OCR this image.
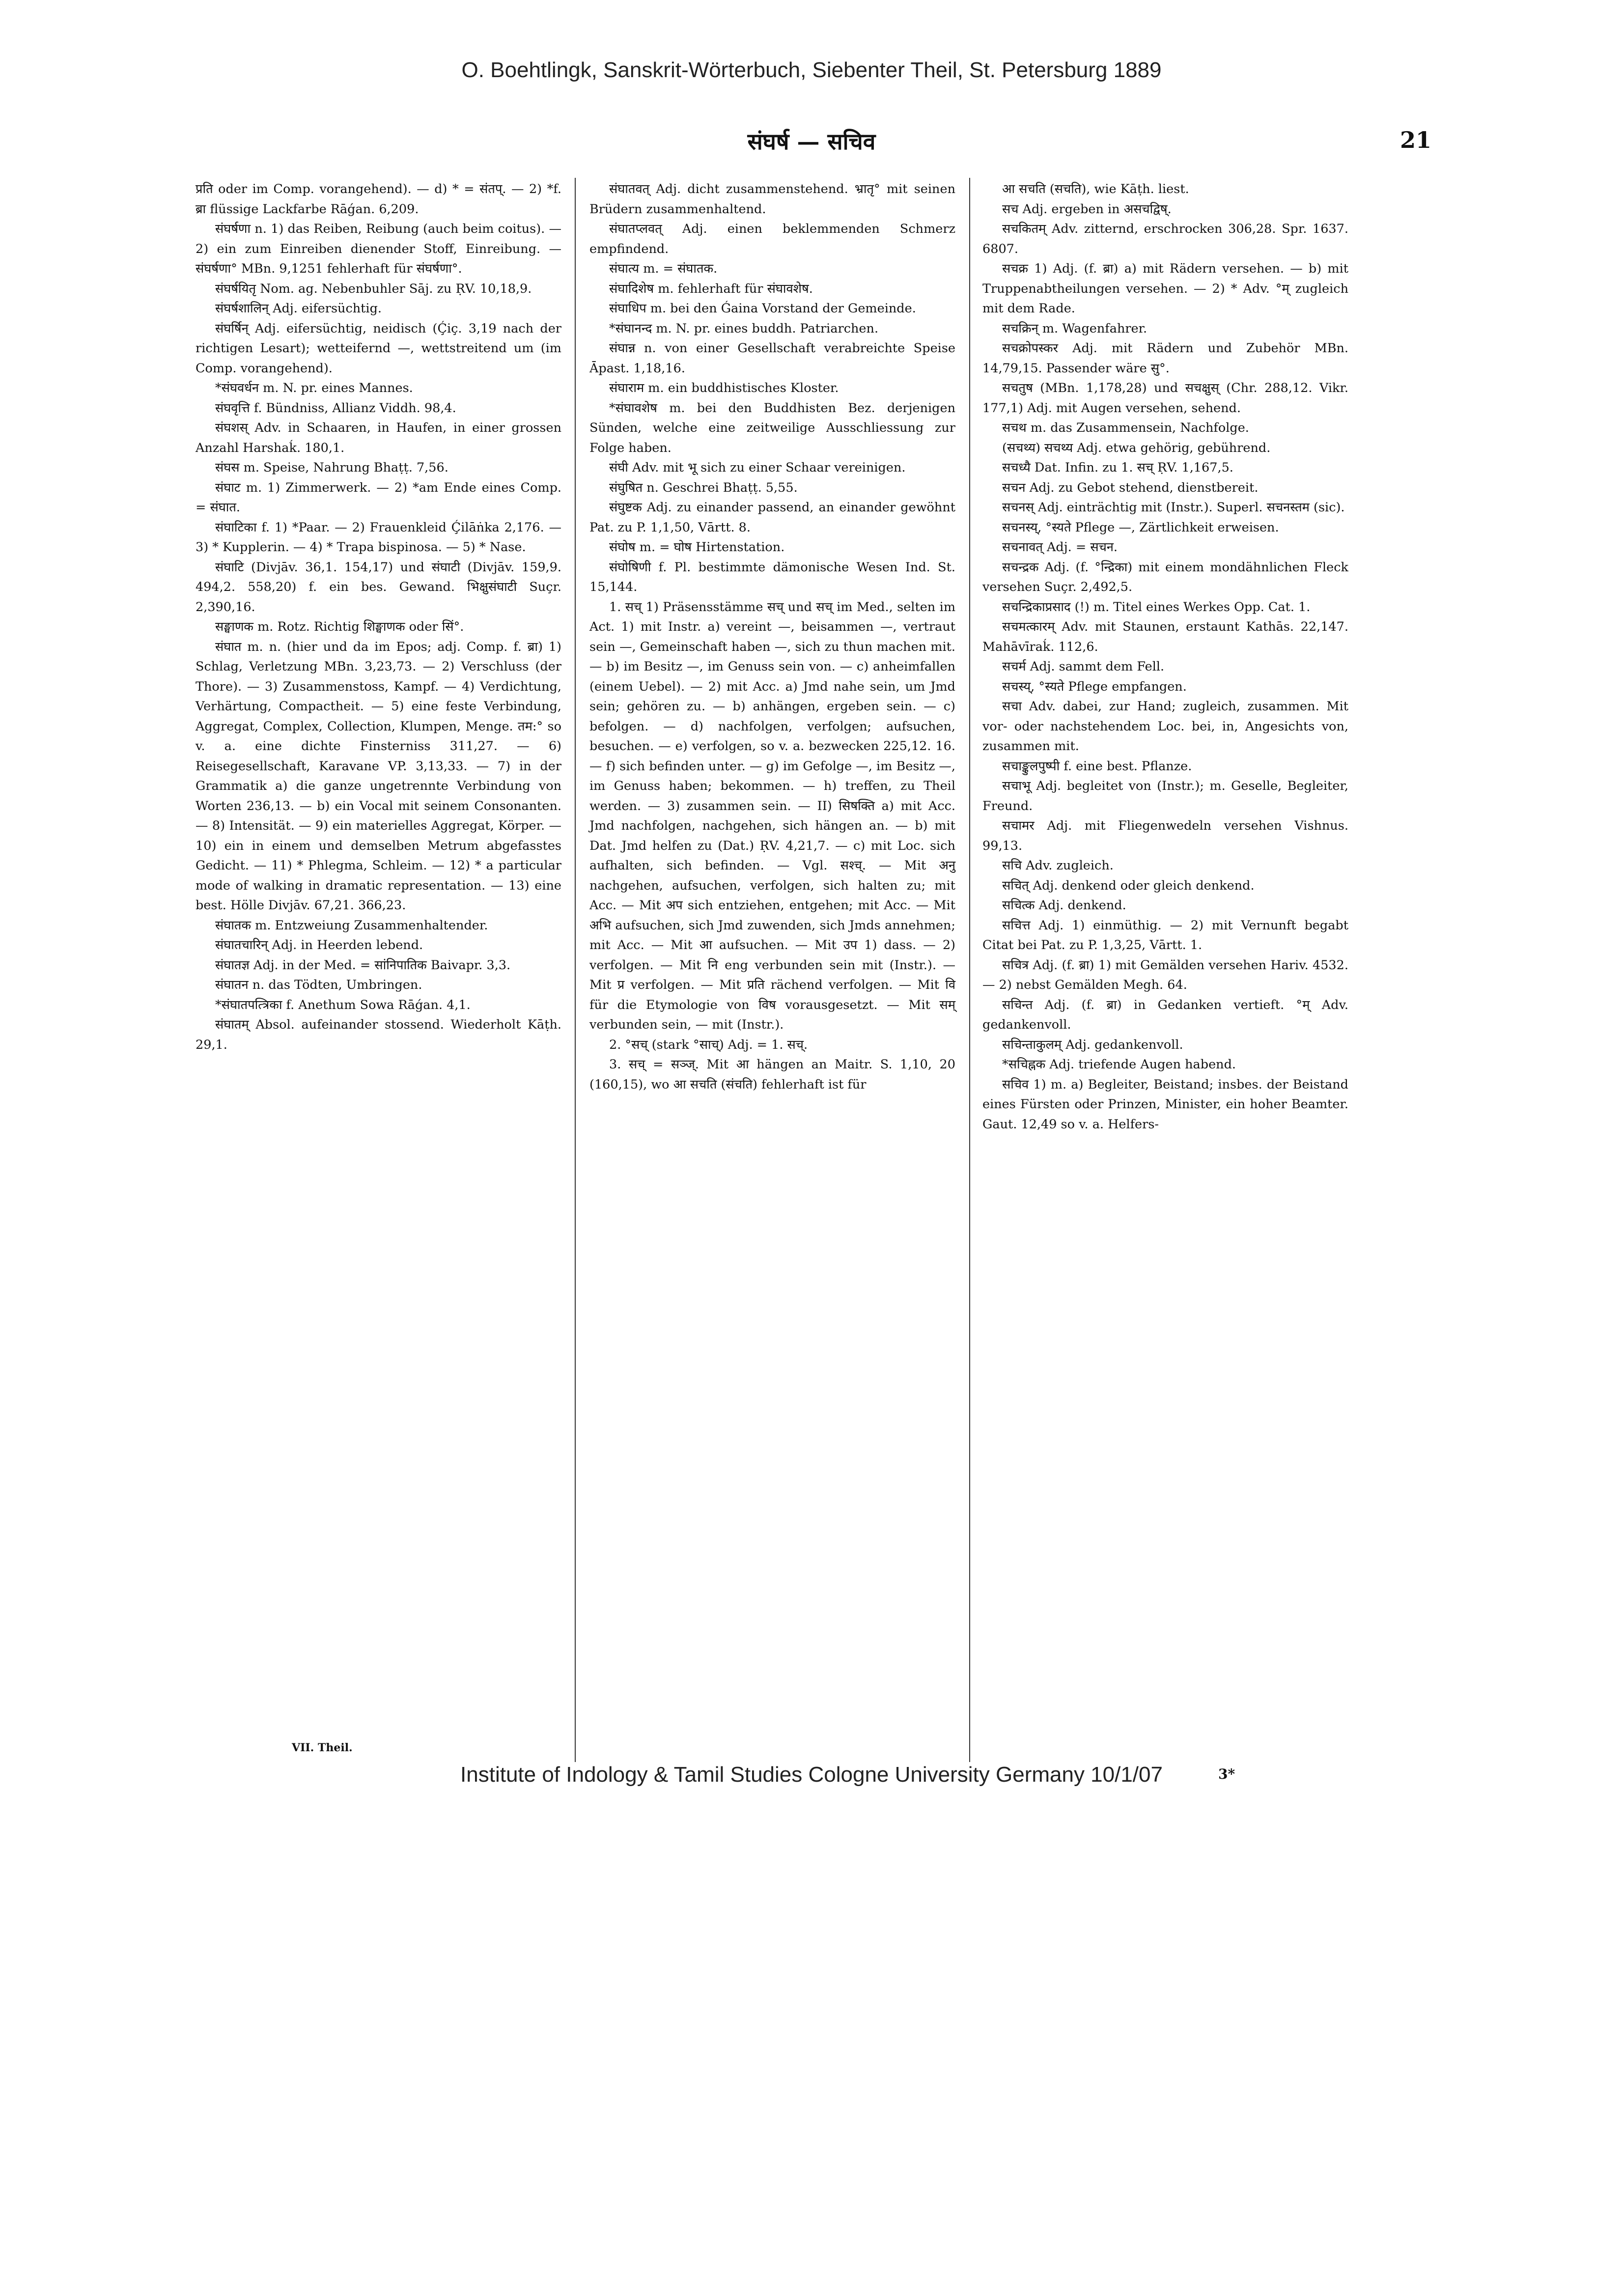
O. Boehtlingk, Sanskrit-Wörterbuch, Siebenter Theil, St. Petersburg 1889
संघर्ष — सचिव	21

प्रति oder im Comp. vorangehend). — d) * = संतप्. — 2) *f. ब्रा flüssige Lackfarbe Rāǵan. 6,209.

संघर्षणा n. 1) das Reiben, Reibung (auch beim coitus). — 2) ein zum Einreiben dienender Stoff, Einreibung. — संघर्षणा° MBn. 9,1251 fehlerhaft für संघर्षणा°.

संघर्षयितृ Nom. ag. Nebenbuhler Sāj. zu ṚV. 10,18,9.

संघर्षशालिन् Adj. eifersüchtig.

संघर्षिन् Adj. eifersüchtig, neidisch (Ḉiç. 3,19 nach der richtigen Lesart); wetteifernd —, wettstreitend um (im Comp. vorangehend).

*संघवर्धन m. N. pr. eines Mannes.

संघवृत्ति f. Bündniss, Allianz Viddh. 98,4.

संघशस् Adv. in Schaaren, in Haufen, in einer grossen Anzahl Harshaḱ. 180,1.

संघस m. Speise, Nahrung Bhaṭṭ. 7,56.

संघाट m. 1) Zimmerwerk. — 2) *am Ende eines Comp. = संघात.

संघाटिका f. 1) *Paar. — 2) Frauenkleid Ḉilāṅka 2,176. — 3) * Kupplerin. — 4) * Trapa bispinosa. — 5) * Nase.

संघाटि (Divjāv. 36,1. 154,17) und संघाटी (Divjāv. 159,9. 494,2. 558,20) f. ein bes. Gewand. भिक्षुसंघाटी Suçr. 2,390,16.

सङ्घाणक m. Rotz. Richtig शिङ्घाणक oder सिं°.

संघात m. n. (hier und da im Epos; adj. Comp. f. ब्रा) 1) Schlag, Verletzung MBn. 3,23,73. — 2) Verschluss (der Thore). — 3) Zusammenstoss, Kampf. — 4) Verdichtung, Verhärtung, Compactheit. — 5) eine feste Verbindung, Aggregat, Complex, Collection, Klumpen, Menge. तम:° so v. a. eine dichte Finsterniss 311,27. — 6) Reisegesellschaft, Karavane VP. 3,13,33. — 7) in der Grammatik a) die ganze ungetrennte Verbindung von Worten 236,13. — b) ein Vocal mit seinem Consonanten. — 8) Intensität. — 9) ein materielles Aggregat, Körper. — 10) ein in einem und demselben Metrum abgefasstes Gedicht. — 11) * Phlegma, Schleim. — 12) * a particular mode of walking in dramatic representation. — 13) eine best. Hölle Divjāv. 67,21. 366,23.

संघातक m. Entzweiung Zusammenhaltender.

संघातचारिन् Adj. in Heerden lebend.

संघातज्ञ Adj. in der Med. = सांनिपातिक Baivapr. 3,3.

संघातन n. das Tödten, Umbringen.

*संघातपत्त्रिका f. Anethum Sowa Rāǵan. 4,1.

संघातम् Absol. aufeinander stossend. Wiederholt Kāṭh. 29,1.

संघातवत् Adj. dicht zusammenstehend. भ्रातृ° mit seinen Brüdern zusammenhaltend.

संघातप्लवत् Adj. einen beklemmenden Schmerz empfindend.

संघात्य m. = संघातक.

संघादिशेष m. fehlerhaft für संघावशेष.

संघाधिप m. bei den Ǵaina Vorstand der Gemeinde.

*संघानन्द m. N. pr. eines buddh. Patriarchen.

संघान्न n. von einer Gesellschaft verabreichte Speise Āpast. 1,18,16.

संघाराम m. ein buddhistisches Kloster.

*संघावशेष m. bei den Buddhisten Bez. derjenigen Sünden, welche eine zeitweilige Ausschliessung zur Folge haben.

संघी Adv. mit भू sich zu einer Schaar vereinigen.

संघुषित n. Geschrei Bhaṭṭ. 5,55.

संघुष्टक Adj. zu einander passend, an einander gewöhnt Pat. zu P. 1,1,50, Vārtt. 8.

संघोष m. = घोष Hirtenstation.

संघोषिणी f. Pl. bestimmte dämonische Wesen Ind. St. 15,144.

1. सच् 1) Präsensstämme सच् und सच् im Med., selten im Act. 1) mit Instr. a) vereint —, beisammen —, vertraut sein —, Gemeinschaft haben —, sich zu thun machen mit. — b) im Besitz —, im Genuss sein von. — c) anheimfallen (einem Uebel). — 2) mit Acc. a) Jmd nahe sein, um Jmd sein; gehören zu. — b) anhängen, ergeben sein. — c) befolgen. — d) nachfolgen, verfolgen; aufsuchen, besuchen. — e) verfolgen, so v. a. bezwecken 225,12. 16. — f) sich befinden unter. — g) im Gefolge —, im Besitz —, im Genuss haben; bekommen. — h) treffen, zu Theil werden. — 3) zusammen sein. — II) सिषक्ति a) mit Acc. Jmd nachfolgen, nachgehen, sich hängen an. — b) mit Dat. Jmd helfen zu (Dat.) ṚV. 4,21,7. — c) mit Loc. sich aufhalten, sich befinden. — Vgl. सश्च्. — Mit अनु nachgehen, aufsuchen, verfolgen, sich halten zu; mit Acc. — Mit अप sich entziehen, entgehen; mit Acc. — Mit अभि aufsuchen, sich Jmd zuwenden, sich Jmds annehmen; mit Acc. — Mit आ aufsuchen. — Mit उप 1) dass. — 2) verfolgen. — Mit नि eng verbunden sein mit (Instr.). — Mit प्र verfolgen. — Mit प्रति rächend verfolgen. — Mit वि für die Etymologie von विष vorausgesetzt. — Mit सम् verbunden sein, — mit (Instr.).

2. °सच् (stark °साच्) Adj. = 1. सच्.

3. सच् = सञ्ज्. Mit आ hängen an Maitr. S. 1,10, 20 (160,15), wo आ सचति (संचति) fehlerhaft ist für

आ सचति (सचति), wie Kāṭh. liest.

सच Adj. ergeben in असचद्विष्.

सचकितम् Adv. zitternd, erschrocken 306,28. Spr. 1637. 6807.

सचक्र 1) Adj. (f. ब्रा) a) mit Rädern versehen. — b) mit Truppenabtheilungen versehen. — 2) * Adv. °म् zugleich mit dem Rade.

सचक्रिन् m. Wagenfahrer.

सचक्रोपस्कर Adj. mit Rädern und Zubehör MBn. 14,79,15. Passender wäre सु°.

सचतुष (MBn. 1,178,28) und सचक्षुस् (Chr. 288,12. Vikr. 177,1) Adj. mit Augen versehen, sehend.

सचथ m. das Zusammensein, Nachfolge.

(सचथ्य) सचथ्य Adj. etwa gehörig, gebührend.

सचध्यै Dat. Infin. zu 1. सच् ṚV. 1,167,5.

सचन Adj. zu Gebot stehend, dienstbereit.

सचनस् Adj. einträchtig mit (Instr.). Superl. सचनस्तम (sic).

सचनस्य्, °स्यते Pflege —, Zärtlichkeit erweisen.

सचनावत् Adj. = सचन.

सचन्द्रक Adj. (f. °न्द्रिका) mit einem mondähnlichen Fleck versehen Suçr. 2,492,5.

सचन्द्रिकाप्रसाद (!) m. Titel eines Werkes Opp. Cat. 1.

सचमत्कारम् Adv. mit Staunen, erstaunt Kathās. 22,147. Mahāvīraḱ. 112,6.

सचर्म Adj. sammt dem Fell.

सचस्य्, °स्यते Pflege empfangen.

सचा Adv. dabei, zur Hand; zugleich, zusammen. Mit vor- oder nachstehendem Loc. bei, in, Angesichts von, zusammen mit.

सचाङ्कुलपुष्पी f. eine best. Pflanze.

सचाभू Adj. begleitet von (Instr.); m. Geselle, Begleiter, Freund.

सचामर Adj. mit Fliegenwedeln versehen Vishnus. 99,13.

सचि Adv. zugleich.

सचित् Adj. denkend oder gleich denkend.

सचित्क Adj. denkend.

सचित्त Adj. 1) einmüthig. — 2) mit Vernunft begabt Citat bei Pat. zu P. 1,3,25, Vārtt. 1.

सचित्र Adj. (f. ब्रा) 1) mit Gemälden versehen Hariv. 4532. — 2) nebst Gemälden Megh. 64.

सचिन्त Adj. (f. ब्रा) in Gedanken vertieft. °म् Adv. gedankenvoll.

सचिन्ताकुलम् Adj. gedankenvoll.

*सचिह्नक Adj. triefende Augen habend.

सचिव 1) m. a) Begleiter, Beistand; insbes. der Beistand eines Fürsten oder Prinzen, Minister, ein hoher Beamter. Gaut. 12,49 so v. a. Helfers-

VII. Theil.
3*
Institute of Indology & Tamil Studies Cologne University Germany 10/1/07
